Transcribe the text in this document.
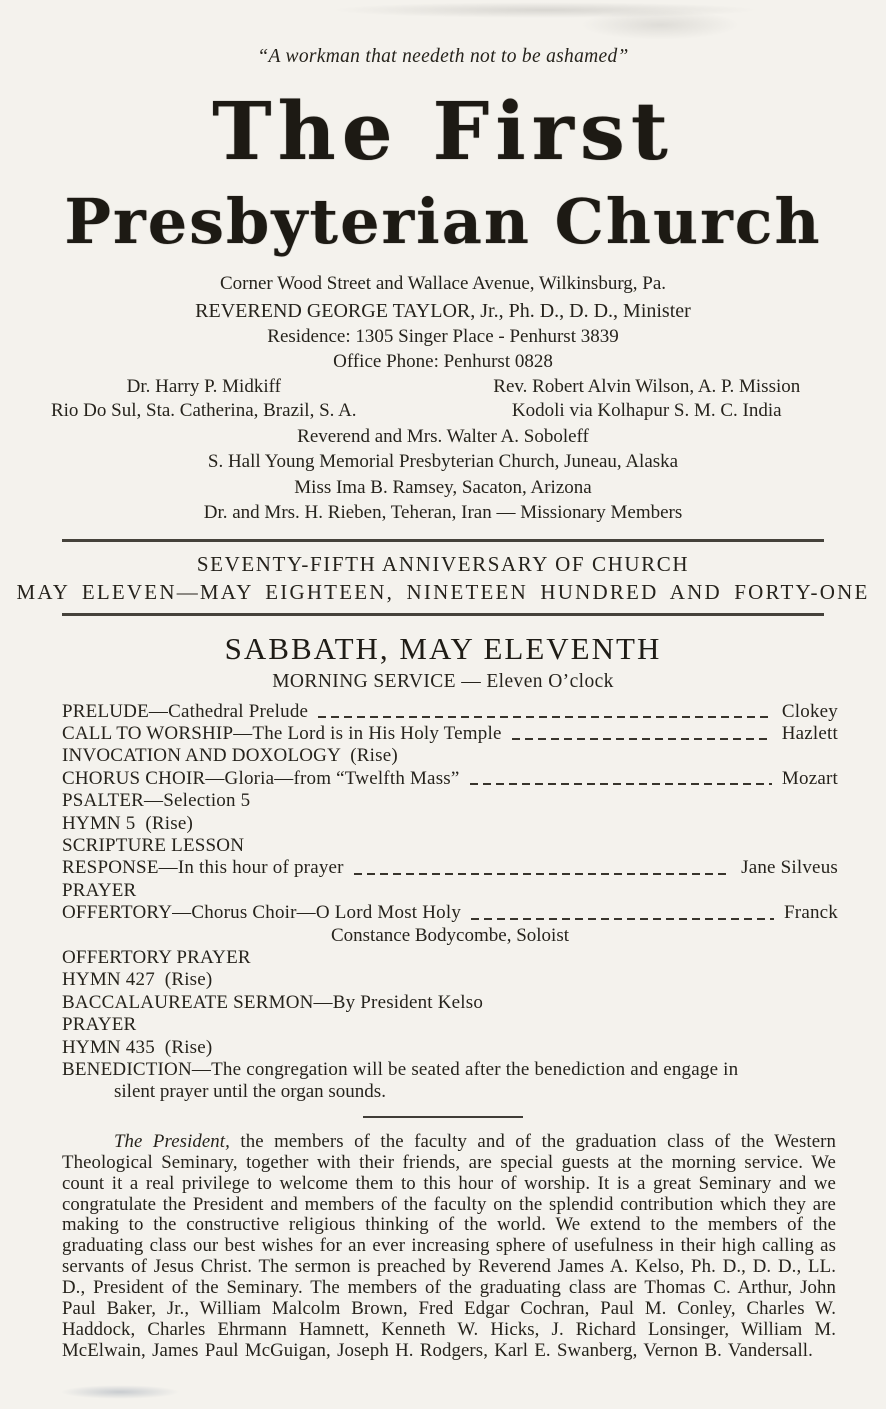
“A workman that needeth not to be ashamed”
The First
Presbyterian Church
Corner Wood Street and Wallace Avenue, Wilkinsburg, Pa.
REVEREND GEORGE TAYLOR, Jr., Ph. D., D. D., Minister
Residence: 1305 Singer Place - Penhurst 3839
Office Phone: Penhurst 0828
Dr. Harry P. Midkiff
Rio Do Sul, Sta. Catherina, Brazil, S. A.
Rev. Robert Alvin Wilson, A. P. Mission
Kodoli via Kolhapur S. M. C. India
Reverend and Mrs. Walter A. Soboleff
S. Hall Young Memorial Presbyterian Church, Juneau, Alaska
Miss Ima B. Ramsey, Sacaton, Arizona
Dr. and Mrs. H. Rieben, Teheran, Iran — Missionary Members
SEVENTY-FIFTH ANNIVERSARY OF CHURCH
MAY ELEVEN—MAY EIGHTEEN, NINETEEN HUNDRED AND FORTY-ONE
SABBATH, MAY ELEVENTH
MORNING SERVICE — Eleven O’clock
PRELUDE—Cathedral Prelude	Clokey
CALL TO WORSHIP—The Lord is in His Holy Temple	Hazlett
INVOCATION AND DOXOLOGY  (Rise)
CHORUS CHOIR—Gloria—from “Twelfth Mass”	Mozart
PSALTER—Selection 5
HYMN 5  (Rise)
SCRIPTURE LESSON
RESPONSE—In this hour of prayer	Jane Silveus
PRAYER
OFFERTORY—Chorus Choir—O Lord Most Holy	Franck
Constance Bodycombe, Soloist
OFFERTORY PRAYER
HYMN 427  (Rise)
BACCALAUREATE SERMON—By President Kelso
PRAYER
HYMN 435  (Rise)
BENEDICTION—The congregation will be seated after the benediction and engage in
silent prayer until the organ sounds.

The President, the members of the faculty and of the graduation class of the Western Theological Seminary, together with their friends, are special guests at the morning service. We count it a real privilege to welcome them to this hour of worship. It is a great Seminary and we congratulate the President and members of the faculty on the splendid contribution which they are making to the constructive religious thinking of the world. We extend to the members of the graduating class our best wishes for an ever increasing sphere of usefulness in their high calling as servants of Jesus Christ. The sermon is preached by Reverend James A. Kelso, Ph. D., D. D., LL. D., President of the Seminary. The members of the graduating class are Thomas C. Arthur, John Paul Baker, Jr., William Malcolm Brown, Fred Edgar Cochran, Paul M. Conley, Charles W. Haddock, Charles Ehrmann Hamnett, Kenneth W. Hicks, J. Richard Lonsinger, William M. McElwain, James Paul McGuigan, Joseph H. Rodgers, Karl E. Swanberg, Vernon B. Vandersall.
